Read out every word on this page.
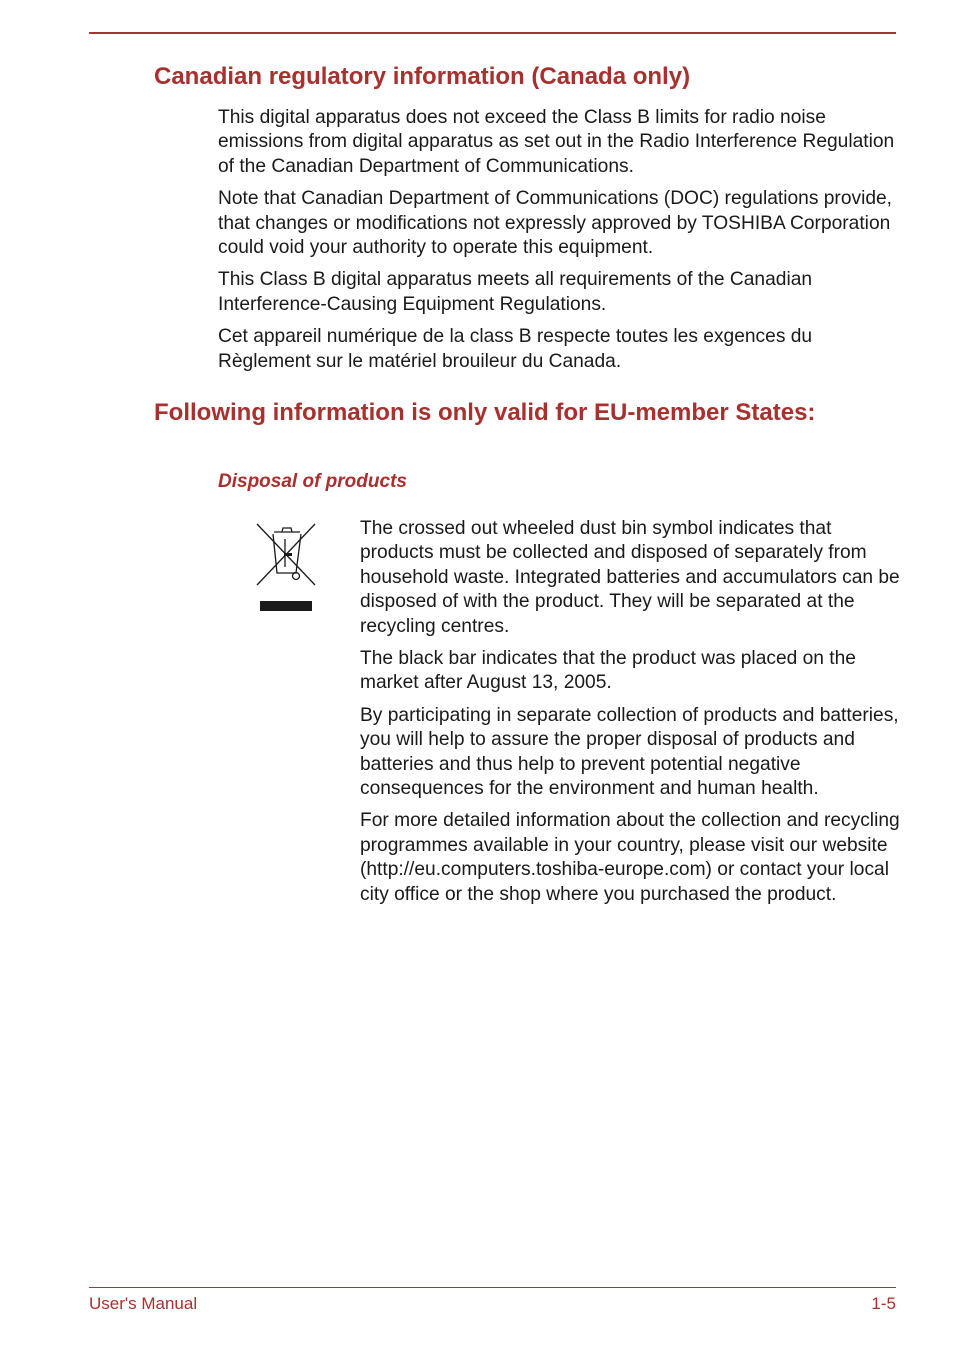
Canadian regulatory information (Canada only)

This digital apparatus does not exceed the Class B limits for radio noise emissions from digital apparatus as set out in the Radio Interference Regulation of the Canadian Department of Communications.

Note that Canadian Department of Communications (DOC) regulations provide, that changes or modifications not expressly approved by TOSHIBA Corporation could void your authority to operate this equipment.

This Class B digital apparatus meets all requirements of the Canadian Interference-Causing Equipment Regulations.

Cet appareil numérique de la class B respecte toutes les exgences du Règlement sur le matériel brouileur du Canada.

Following information is only valid for EU-member States:
Disposal of products

The crossed out wheeled dust bin symbol indicates that products must be collected and disposed of separately from household waste. Integrated batteries and accumulators can be disposed of with the product. They will be separated at the recycling centres.

The black bar indicates that the product was placed on the market after August 13, 2005.

By participating in separate collection of products and batteries, you will help to assure the proper disposal of products and batteries and thus help to prevent potential negative consequences for the environment and human health.

For more detailed information about the collection and recycling programmes available in your country, please visit our website (http://eu.computers.toshiba-europe.com) or contact your local city office or the shop where you purchased the product.

User's Manual	1-5
